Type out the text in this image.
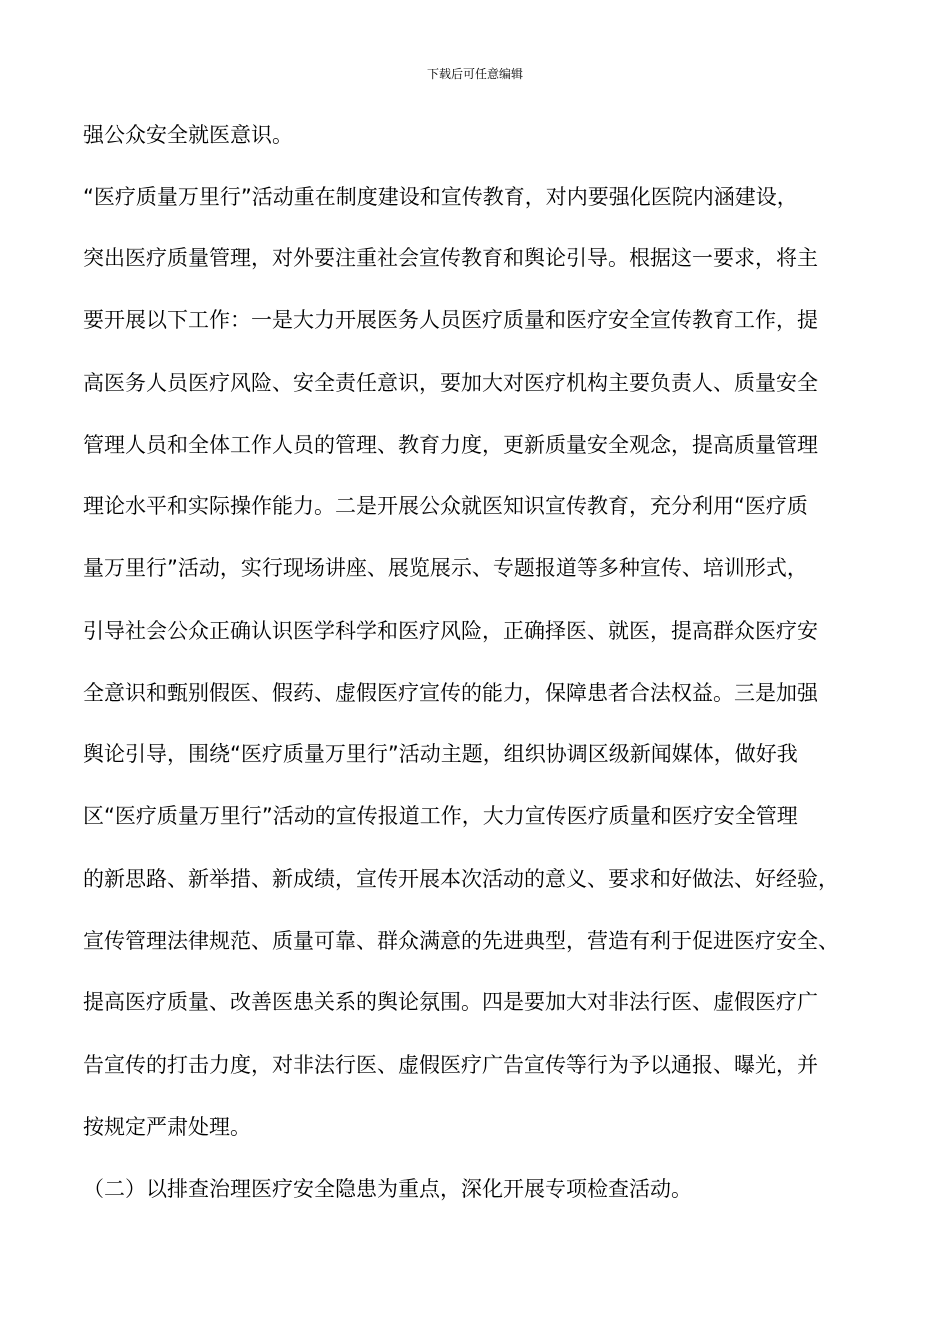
下载后可任意编辑
强公众安全就医意识。
“医疗质量万里行”活动重在制度建设和宣传教育，对内要强化医院内涵建设，
突出医疗质量管理，对外要注重社会宣传教育和舆论引导。根据这一要求，将主
要开展以下工作：一是大力开展医务人员医疗质量和医疗安全宣传教育工作，提
高医务人员医疗风险、安全责任意识，要加大对医疗机构主要负责人、质量安全
管理人员和全体工作人员的管理、教育力度，更新质量安全观念，提高质量管理
理论水平和实际操作能力。二是开展公众就医知识宣传教育，充分利用“医疗质
量万里行”活动，实行现场讲座、展览展示、专题报道等多种宣传、培训形式，
引导社会公众正确认识医学科学和医疗风险，正确择医、就医，提高群众医疗安
全意识和甄别假医、假药、虚假医疗宣传的能力，保障患者合法权益。三是加强
舆论引导，围绕“医疗质量万里行”活动主题，组织协调区级新闻媒体，做好我
区“医疗质量万里行”活动的宣传报道工作，大力宣传医疗质量和医疗安全管理
的新思路、新举措、新成绩，宣传开展本次活动的意义、要求和好做法、好经验，
宣传管理法律规范、质量可靠、群众满意的先进典型，营造有利于促进医疗安全、
提高医疗质量、改善医患关系的舆论氛围。四是要加大对非法行医、虚假医疗广
告宣传的打击力度，对非法行医、虚假医疗广告宣传等行为予以通报、曝光，并
按规定严肃处理。
（二）以排查治理医疗安全隐患为重点，深化开展专项检查活动。
